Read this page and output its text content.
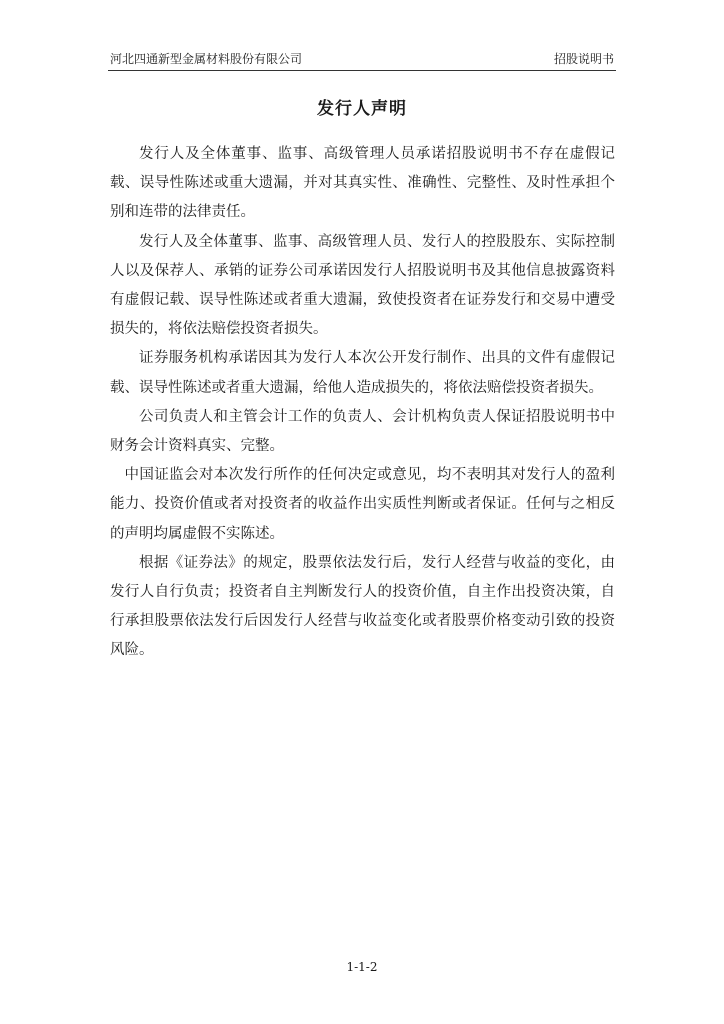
河北四通新型金属材料股份有限公司	招股说明书
发行人声明

发行人及全体董事、监事、高级管理人员承诺招股说明书不存在虚假记载、误导性陈述或重大遗漏，并对其真实性、准确性、完整性、及时性承担个别和连带的法律责任。

发行人及全体董事、监事、高级管理人员、发行人的控股股东、实际控制人以及保荐人、承销的证券公司承诺因发行人招股说明书及其他信息披露资料有虚假记载、误导性陈述或者重大遗漏，致使投资者在证券发行和交易中遭受损失的，将依法赔偿投资者损失。

证券服务机构承诺因其为发行人本次公开发行制作、出具的文件有虚假记载、误导性陈述或者重大遗漏，给他人造成损失的，将依法赔偿投资者损失。

公司负责人和主管会计工作的负责人、会计机构负责人保证招股说明书中财务会计资料真实、完整。

中国证监会对本次发行所作的任何决定或意见，均不表明其对发行人的盈利能力、投资价值或者对投资者的收益作出实质性判断或者保证。任何与之相反的声明均属虚假不实陈述。

根据《证券法》的规定，股票依法发行后，发行人经营与收益的变化，由发行人自行负责；投资者自主判断发行人的投资价值，自主作出投资决策，自行承担股票依法发行后因发行人经营与收益变化或者股票价格变动引致的投资风险。

1-1-2
